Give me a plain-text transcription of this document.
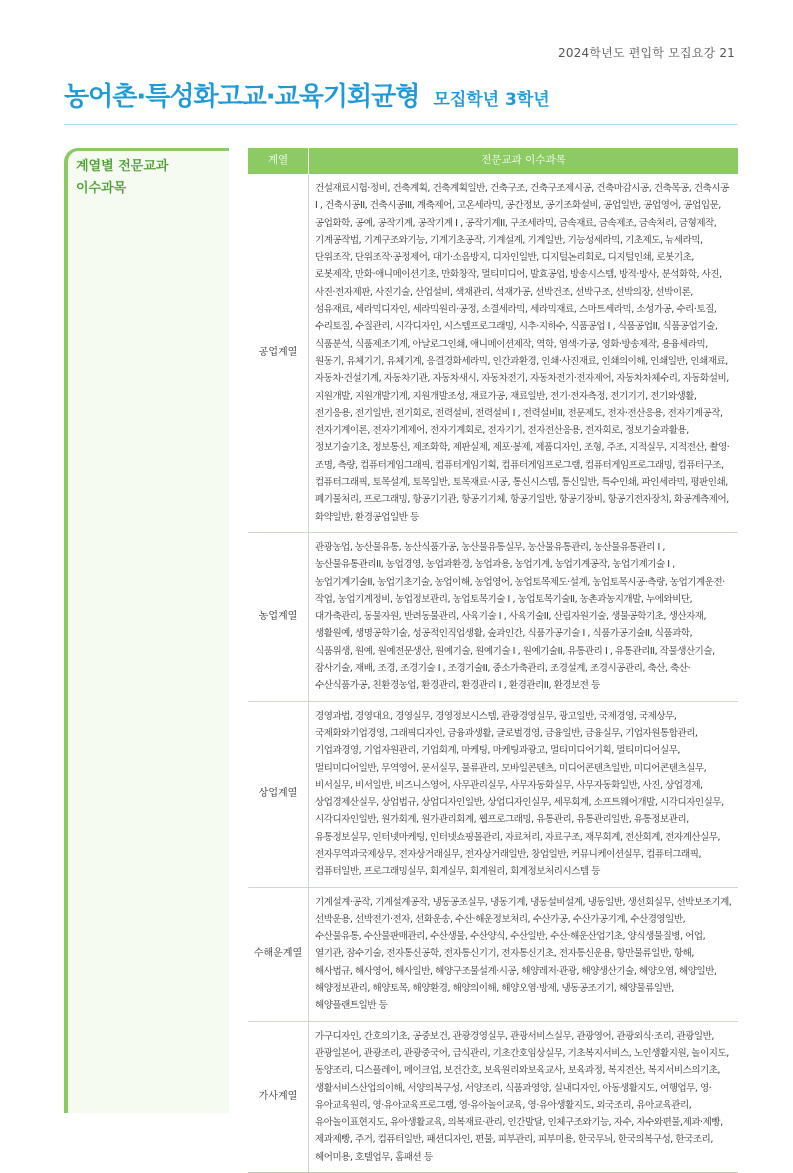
2024학년도 편입학 모집요강 21
농어촌·특성화고교·교육기회균형 모집학년 3학년
계열별 전문교과
이수과목
계열	전문교과 이수과목
공업계열	건설재료시험·정비, 건축계획, 건축계획일반, 건축구조, 건축구조제시공, 건축마감시공, 건축목공, 건축시공 I , 건축시공II, 건축시공III, 계축제어, 고온세라믹, 공간정보, 공기조화설비, 공업일반, 공업영어, 공업입문, 공업화학, 공예, 공작기계, 공작기계 I , 공작기계II, 구조세라믹, 금속재료, 금속제조, 금속처리, 금형제작, 기계공작법, 기계구조와기능, 기계기초공작, 기계설계, 기계일반, 기능성세라믹, 기초제도, 뉴세라믹, 단위조작, 단위조작·공정제어, 대기·소음방지, 디자인일반, 디지털논리회로, 디지털인쇄, 로봇기초, 로봇제작, 만화·애니메이션기초, 만화창작, 멀티미디어, 발효공업, 방송시스템, 방적·방사, 분석화학, 사진, 사진·전자제판, 사진기술, 산업설비, 색채관리, 석재가공, 선박건조, 선박구조, 선박의장, 선박이론, 섬유재료, 세라믹디자인, 세라믹원리·공정, 소결세라믹, 세라믹재료, 스마트세라믹, 소성가공, 수리·토질, 수리토질, 수질관리, 시각디자인, 시스템프로그래밍, 시추·지하수, 식품공업 I , 식품공업II, 식품공업기술, 식품분석, 식품제조기계, 아날로그인쇄, 애니메이션제작, 역학, 염색·가공, 영화·방송제작, 용융세라믹, 원동기, 유체기기, 유체기계, 응결경화세라믹, 인간과환경, 인쇄·사진재료, 인쇄의이해, 인쇄일반, 인쇄재료, 자동차·건설기계, 자동차기관, 자동차새시, 자동차전기, 자동차전기·전자제어, 자동차차체수리, 자동화설비, 지원개발, 지원개발기계, 지원개발조성, 재료가공, 재료일반, 전기·전자측정, 전기기기, 전기와생활, 전기응용, 전기일반, 전기회로, 전력설비, 전력설비 I , 전력설비II, 전문제도, 전자·전산응용, 전자기계공작, 전자기계이론, 전자기계제어, 전자기계회로, 전자기기, 전자전산응용, 전자회로, 정보기술과활용, 정보기술기초, 정보통신, 제조화학, 제판실제, 제포·봉제, 제품디자인, 조형, 주조, 지적실무, 지적전산, 촬영·조명, 측량, 컴퓨터게임그래픽, 컴퓨터게임기획, 컴퓨터게임프로그램, 컴퓨터게임프로그래밍, 컴퓨터구조, 컴퓨터그래픽, 토목설계, 토목일반, 토목재료·시공, 통신시스템, 통신일반, 특수인쇄, 파인세라믹, 평판인쇄, 폐기물처리, 프로그래밍, 항공기기관, 항공기기체, 항공기일반, 항공기장비, 항공기전자장치, 화공계측제어, 화약일반, 환경공업일반 등
농업계열	관광농업, 농산물유통, 농산식품가공, 농산물유통실무, 농산물유통관리, 농산물유통관리 I , 농산물유통관리II, 농업경영, 농업과환경, 농업과용, 농업기계, 농업기계공작, 농업기계기술 I , 농업기계기술II, 농업기초기술, 농업이해, 농업영어, 농업토목제도·설계, 농업토목시공·측량, 농업기계운전·작업, 농업기계정비, 농업정보관리, 농업토목기술 I , 농업토목기술II, 농촌과농지개발, 누에와비단, 대가축관리, 동물자원, 반려동물관리, 사육기술 I , 사육기술II, 산림자원기술, 생물공학기초, 생산자재, 생활원예, 생명공학기술, 성공적인직업생활, 숲과인간, 식품가공기술 I , 식품가공기술II, 식품과학, 식품위생, 원예, 원예전문생산, 원예기술, 원예기술 I , 원예기술II, 유통관리 I , 유통관리II, 작물생산기술, 잠사기술, 재배, 조경, 조경기술 I , 조경기술II, 중소가축관리, 조경설계, 조경시공관리, 축산, 축산·수산식품가공, 친환경농업, 환경관리, 환경관리 I , 환경관리II, 환경보전 등
상업계열	경영과법, 경영대요, 경영실무, 경영정보시스템, 관광경영실무, 광고일반, 국제경영, 국제상무, 국제화와기업경영, 그래픽디자인, 금융과생활, 글로벌경영, 금융일반, 금융실무, 기업자원통합관리, 기업과경영, 기업자원관리, 기업회계, 마케팅, 마케팅과광고, 멀티미디어기획, 멀티미디어실무, 멀티미디어일반, 무역영어, 문서실무, 물류관리, 모바일콘텐츠, 미디어콘텐츠일반, 미디어콘텐츠실무, 비서실무, 비서일반, 비즈니스영어, 사무관리실무, 사무자동화실무, 사무자동화일반, 사진, 상업경제, 상업경제산실무, 상업법규, 상업디자인일반, 상업디자인실무, 세무회계, 소프트웨어개발, 시각디자인실무, 시각디자인일반, 원가회계, 원가관리회계, 웹프로그래밍, 유통관리, 유통관리일반, 유통정보관리, 유통정보실무, 인터넷마케팅, 인터넷쇼핑몰관리, 자료처리, 자료구조, 재무회계, 전산회계, 전자계산실무, 전자무역과국제상무, 전자상거래실무, 전자상거래일반, 창업일반, 커뮤니케이션실무, 컴퓨터그래픽, 컴퓨터일반, 프로그래밍실무, 회계실무, 회계원리, 회계정보처리시스템 등
수해운계열	기계설계·공작, 기계설계공작, 냉동공조실무, 냉동기계, 냉동설비설계, 냉동일반, 생선회실무, 선박보조기계, 선박운용, 선박전기·전자, 선화운송, 수산·해운정보처리, 수산가공, 수산가공기계, 수산경영일반, 수산물유통, 수산물판매관리, 수산생물, 수산양식, 수산일반, 수산·해운산업기초, 양식생물질병, 어업, 열기관, 잠수기술, 전자통신공학, 전자통신기기, 전자통신기초, 전자통신운용, 항만물류일반, 항해, 해사법규, 해사영어, 해사일반, 해양구조물설계·시공, 해양레저·관광, 해양생산기술, 해양오염, 해양일반, 해양정보관리, 해양토목, 해양환경, 해양의이해, 해양오염·방제, 냉동공조기기, 해양물류일반, 해양플랜트일반 등
가사계열	가구디자인, 간호의기초, 공중보건, 관광경영실무, 관광서비스실무, 관광영어, 관광외식·조리, 관광일반, 관광일본어, 관광조리, 관광중국어, 급식관리, 기초간호임상실무, 기초복지서비스, 노인생활지원, 놀이지도, 동양조리, 디스플레이, 메이크업, 보건간호, 보육원리와보육교사, 보육과정, 복지전산, 복지서비스의기초, 생활서비스산업의이해, 서양의복구성, 서양조리, 식품과영양, 실내디자인, 아동생활지도, 여행업무, 영·유아교육원리, 영·유아교육프로그램, 영·유아놀이교육, 영·유아생활지도, 외국조리, 유아교육관리, 유아놀이표현지도, 유아생활교육, 의복재료·관리, 인간발달, 인체구조와기능, 자수, 자수와편물,제과·제빵, 제과제빵, 주거, 컴퓨터일반, 패션디자인, 편물, 피부관리, 피부미용, 한국무늬, 한국의복구성, 한국조리, 헤어미용, 호텔업무, 홈패션 등
